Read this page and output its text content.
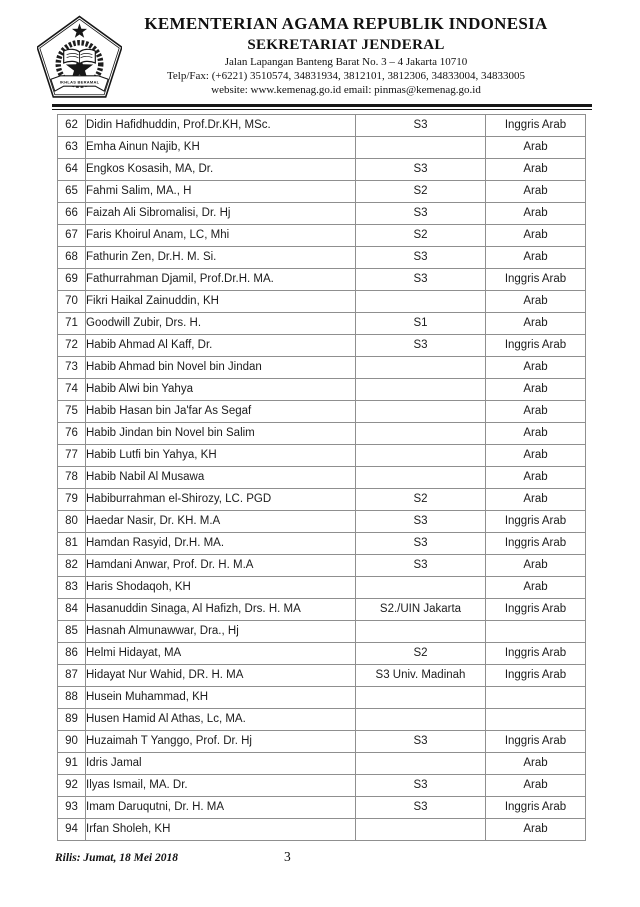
IKHLAS BERAMAL
KEMENTERIAN AGAMA REPUBLIK INDONESIA
SEKRETARIAT JENDERAL
Jalan Lapangan Banteng Barat No. 3 – 4 Jakarta 10710
Telp/Fax: (+6221) 3510574, 34831934, 3812101, 3812306, 34833004, 34833005
website: www.kemenag.go.id email: pinmas@kemenag.go.id
62	Didin Hafidhuddin, Prof.Dr.KH, MSc.	S3	Inggris Arab
63	Emha Ainun Najib, KH		Arab
64	Engkos Kosasih, MA, Dr.	S3	Arab
65	Fahmi Salim, MA., H	S2	Arab
66	Faizah Ali Sibromalisi, Dr. Hj	S3	Arab
67	Faris Khoirul Anam, LC, Mhi	S2	Arab
68	Fathurin Zen, Dr.H. M. Si.	S3	Arab
69	Fathurrahman Djamil, Prof.Dr.H. MA.	S3	Inggris Arab
70	Fikri Haikal Zainuddin, KH		Arab
71	Goodwill Zubir, Drs. H.	S1	Arab
72	Habib Ahmad Al Kaff, Dr.	S3	Inggris Arab
73	Habib Ahmad bin Novel bin Jindan		Arab
74	Habib Alwi bin Yahya		Arab
75	Habib Hasan bin Ja'far As Segaf		Arab
76	Habib Jindan bin Novel bin Salim		Arab
77	Habib Lutfi bin Yahya, KH		Arab
78	Habib Nabil Al Musawa		Arab
79	Habiburrahman el-Shirozy, LC. PGD	S2	Arab
80	Haedar Nasir, Dr. KH. M.A	S3	Inggris Arab
81	Hamdan Rasyid, Dr.H. MA.	S3	Inggris Arab
82	Hamdani Anwar, Prof. Dr. H. M.A	S3	Arab
83	Haris Shodaqoh, KH		Arab
84	Hasanuddin Sinaga, Al Hafizh, Drs. H. MA	S2./UIN Jakarta	Inggris Arab
85	Hasnah Almunawwar, Dra., Hj		
86	Helmi Hidayat, MA	S2	Inggris Arab
87	Hidayat Nur Wahid, DR. H. MA	S3 Univ. Madinah	Inggris Arab
88	Husein Muhammad, KH		
89	Husen Hamid Al Athas, Lc, MA.		
90	Huzaimah T Yanggo, Prof. Dr. Hj	S3	Inggris Arab
91	Idris Jamal		Arab
92	Ilyas Ismail, MA. Dr.	S3	Arab
93	Imam Daruqutni, Dr. H. MA	S3	Inggris Arab
94	Irfan Sholeh, KH		Arab
Rilis: Jumat, 18 Mei 2018	3
